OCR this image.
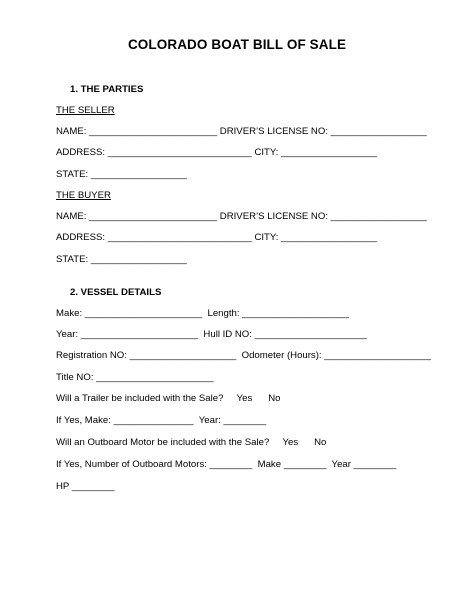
COLORADO BOAT BILL OF SALE
1. THE PARTIES
THE SELLER
NAME: ________________________ DRIVER’S LICENSE NO: __________________
ADDRESS: ___________________________ CITY: __________________
STATE: __________________
THE BUYER
NAME: ________________________ DRIVER’S LICENSE NO: __________________
ADDRESS: ___________________________ CITY: __________________
STATE: __________________
2. VESSEL DETAILS
Make: ______________________  Length: ____________________
Year: ______________________  Hull ID NO: _____________________
Registration NO: ____________________  Odometer (Hours): ____________________
Title NO: ______________________
Will a Trailer be included with the Sale?     Yes      No
If Yes, Make: _______________  Year: ________
Will an Outboard Motor be included with the Sale?     Yes      No
If Yes, Number of Outboard Motors: ________  Make ________  Year ________
HP ________
